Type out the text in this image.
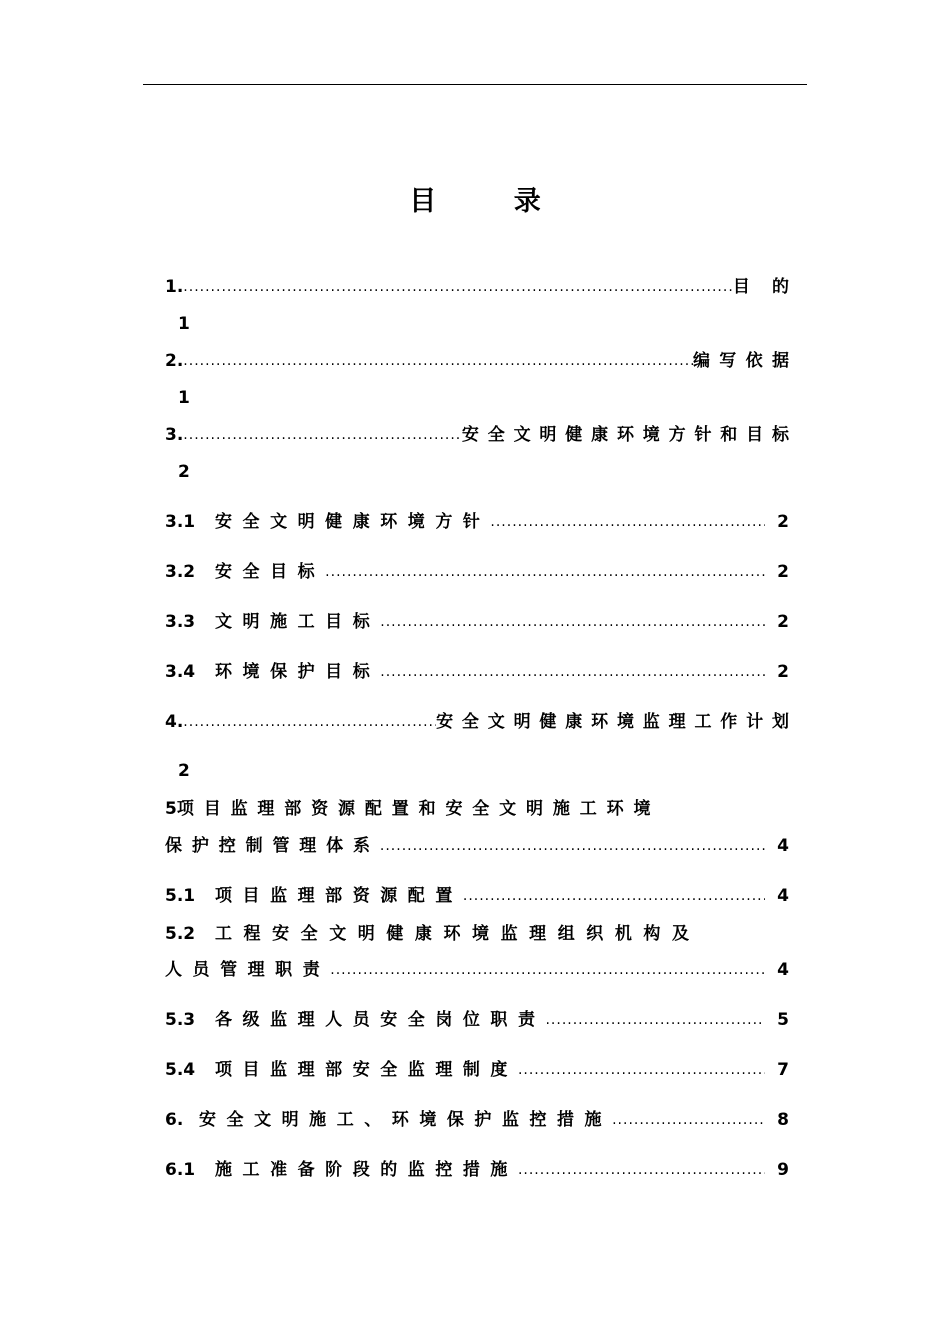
目 录
1. .....	目的
1
2. .....	编写依据
1
3. .....	安全文明健康环境方针和目标
2
3.1	安全文明健康环境方针 .....	2
3.2	安全目标 .....	2
3.3	文明施工目标 .....	2
3.4	环境保护目标 .....	2
4. .....	安全文明健康环境监理工作计划
2
5 项目监理部资源配置和安全文明施工环境
保护控制管理体系 .....	4
5.1	项目监理部资源配置 .....	4
5.2	工程安全文明健康环境监理组织机构及
人员管理职责 .....	4
5.3	各级监理人员安全岗位职责 .....	5
5.4	项目监理部安全监理制度 .....	7
6. 安全文明施工、环境保护监控措施 .....	8
6.1	施工准备阶段的监控措施 .....	9
